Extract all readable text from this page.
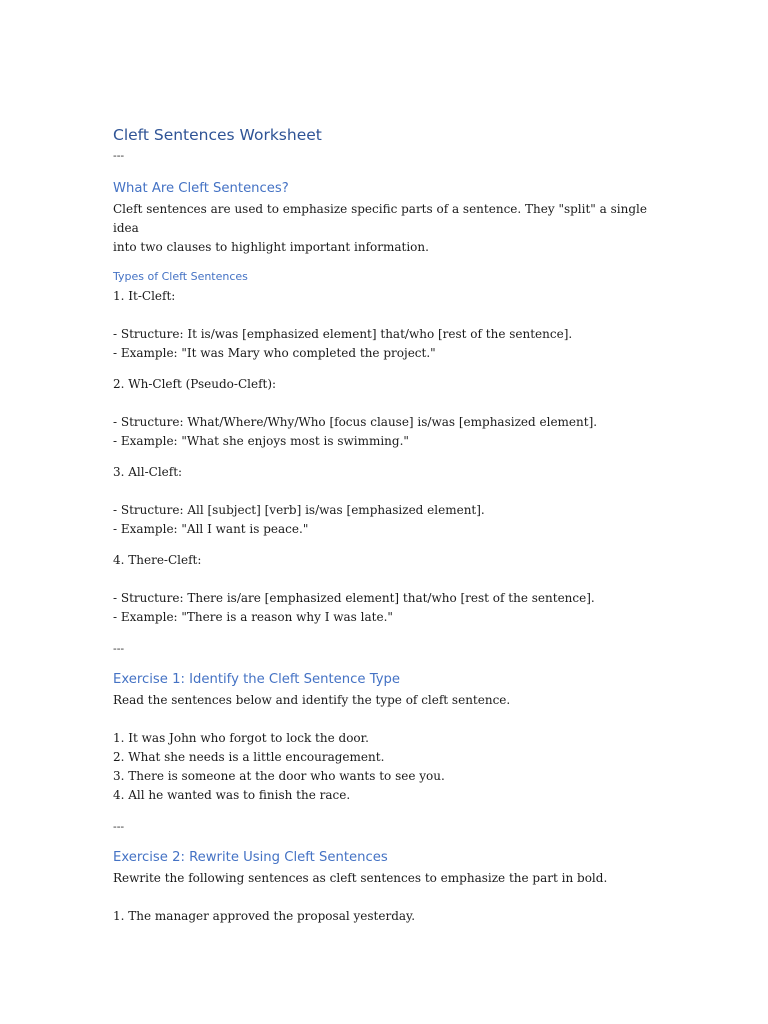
Cleft Sentences Worksheet
---
What Are Cleft Sentences?
Cleft sentences are used to emphasize specific parts of a sentence. They "split" a single idea
into two clauses to highlight important information.
Types of Cleft Sentences
1. It-Cleft:
- Structure: It is/was [emphasized element] that/who [rest of the sentence].
- Example: "It was Mary who completed the project."
2. Wh-Cleft (Pseudo-Cleft):
- Structure: What/Where/Why/Who [focus clause] is/was [emphasized element].
- Example: "What she enjoys most is swimming."
3. All-Cleft:
- Structure: All [subject] [verb] is/was [emphasized element].
- Example: "All I want is peace."
4. There-Cleft:
- Structure: There is/are [emphasized element] that/who [rest of the sentence].
- Example: "There is a reason why I was late."
---
Exercise 1: Identify the Cleft Sentence Type
Read the sentences below and identify the type of cleft sentence.
1. It was John who forgot to lock the door.
2. What she needs is a little encouragement.
3. There is someone at the door who wants to see you.
4. All he wanted was to finish the race.
---
Exercise 2: Rewrite Using Cleft Sentences
Rewrite the following sentences as cleft sentences to emphasize the part in bold.
1. The manager approved the proposal yesterday.
